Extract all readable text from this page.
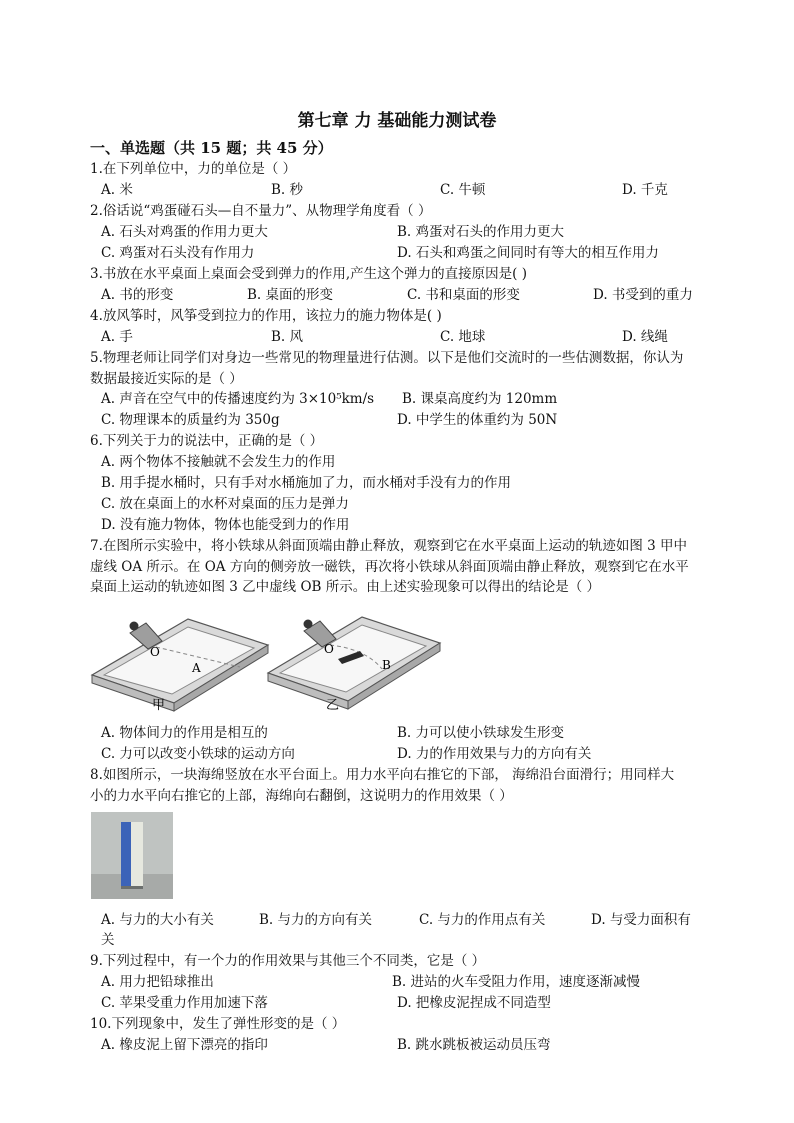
第七章 力 基础能力测试卷
一、单选题（共 15 题；共 45 分）
1.在下列单位中，力的单位是（ ）
A. 米	B. 秒	C. 牛顿	D. 千克
2.俗话说“鸡蛋碰石头—自不量力”、从物理学角度看（ ）
A. 石头对鸡蛋的作用力更大	B. 鸡蛋对石头的作用力更大
C. 鸡蛋对石头没有作用力	D. 石头和鸡蛋之间同时有等大的相互作用力
3.书放在水平桌面上桌面会受到弹力的作用,产生这个弹力的直接原因是( )
A. 书的形变	B. 桌面的形变	C. 书和桌面的形变	D. 书受到的重力
4.放风筝时，风筝受到拉力的作用，该拉力的施力物体是( )
A. 手	B. 风	C. 地球	D. 线绳
5.物理老师让同学们对身边一些常见的物理量进行估测。以下是他们交流时的一些估测数据，你认为
数据最接近实际的是（ ）
A. 声音在空气中的传播速度约为 3×10⁵km/s B. 课桌高度约为 120mm
C. 物理课本的质量约为 350g	D. 中学生的体重约为 50N
6.下列关于力的说法中，正确的是（ ）
A. 两个物体不接触就不会发生力的作用
B. 用手提水桶时，只有手对水桶施加了力，而水桶对手没有力的作用
C. 放在桌面上的水杯对桌面的压力是弹力
D. 没有施力物体，物体也能受到力的作用
7.在图所示实验中，将小铁球从斜面顶端由静止释放，观察到它在水平桌面上运动的轨迹如图 3 甲中
虚线 OA 所示。在 OA 方向的侧旁放一磁铁，再次将小铁球从斜面顶端由静止释放，观察到它在水平
桌面上运动的轨迹如图 3 乙中虚线 OB 所示。由上述实验现象可以得出的结论是（ ）
O
A
甲
O
B
乙
A. 物体间力的作用是相互的	B. 力可以使小铁球发生形变
C. 力可以改变小铁球的运动方向	D. 力的作用效果与力的方向有关
8.如图所示，一块海绵竖放在水平台面上。用力水平向右推它的下部， 海绵沿台面滑行；用同样大
小的力水平向右推它的上部，海绵向右翻倒，这说明力的作用效果（ ）
A. 与力的大小有关	B. 与力的方向有关	C. 与力的作用点有关	D. 与受力面积有
关
9.下列过程中，有一个力的作用效果与其他三个不同类，它是（ ）
A. 用力把铅球推出	B. 进站的火车受阻力作用，速度逐渐减慢
C. 苹果受重力作用加速下落	D. 把橡皮泥捏成不同造型
10.下列现象中，发生了弹性形变的是（ ）
A. 橡皮泥上留下漂亮的指印	B. 跳水跳板被运动员压弯
